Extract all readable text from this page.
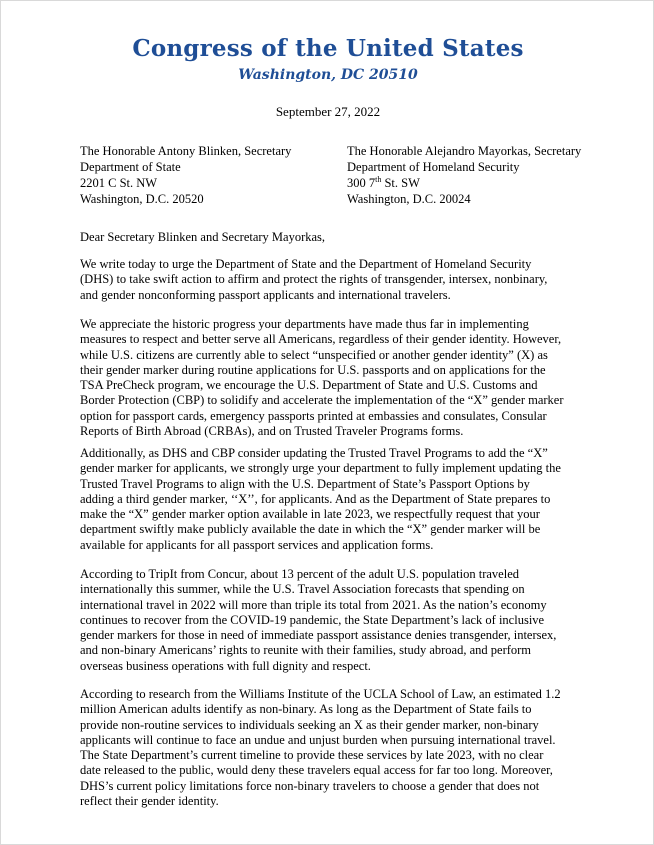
Congress of the United States
Washington, DC 20510
September 27, 2022
The Honorable Antony Blinken, Secretary
Department of State
2201 C St. NW
Washington, D.C. 20520
The Honorable Alejandro Mayorkas, Secretary
Department of Homeland Security
300 7th St. SW
Washington, D.C. 20024
Dear Secretary Blinken and Secretary Mayorkas,
We write today to urge the Department of State and the Department of Homeland Security
(DHS) to take swift action to affirm and protect the rights of transgender, intersex, nonbinary,
and gender nonconforming passport applicants and international travelers.
We appreciate the historic progress your departments have made thus far in implementing
measures to respect and better serve all Americans, regardless of their gender identity. However,
while U.S. citizens are currently able to select “unspecified or another gender identity” (X) as
their gender marker during routine applications for U.S. passports and on applications for the
TSA PreCheck program, we encourage the U.S. Department of State and U.S. Customs and
Border Protection (CBP) to solidify and accelerate the implementation of the “X” gender marker
option for passport cards, emergency passports printed at embassies and consulates, Consular
Reports of Birth Abroad (CRBAs), and on Trusted Traveler Programs forms.
Additionally, as DHS and CBP consider updating the Trusted Travel Programs to add the “X”
gender marker for applicants, we strongly urge your department to fully implement updating the
Trusted Travel Programs to align with the U.S. Department of State’s Passport Options by
adding a third gender marker, ‘‘X’’, for applicants. And as the Department of State prepares to
make the “X” gender marker option available in late 2023, we respectfully request that your
department swiftly make publicly available the date in which the “X” gender marker will be
available for applicants for all passport services and application forms.
According to TripIt from Concur, about 13 percent of the adult U.S. population traveled
internationally this summer, while the U.S. Travel Association forecasts that spending on
international travel in 2022 will more than triple its total from 2021. As the nation’s economy
continues to recover from the COVID-19 pandemic, the State Department’s lack of inclusive
gender markers for those in need of immediate passport assistance denies transgender, intersex,
and non-binary Americans’ rights to reunite with their families, study abroad, and perform
overseas business operations with full dignity and respect.
According to research from the Williams Institute of the UCLA School of Law, an estimated 1.2
million American adults identify as non-binary. As long as the Department of State fails to
provide non-routine services to individuals seeking an X as their gender marker, non-binary
applicants will continue to face an undue and unjust burden when pursuing international travel.
The State Department’s current timeline to provide these services by late 2023, with no clear
date released to the public, would deny these travelers equal access for far too long. Moreover,
DHS’s current policy limitations force non-binary travelers to choose a gender that does not
reflect their gender identity.
